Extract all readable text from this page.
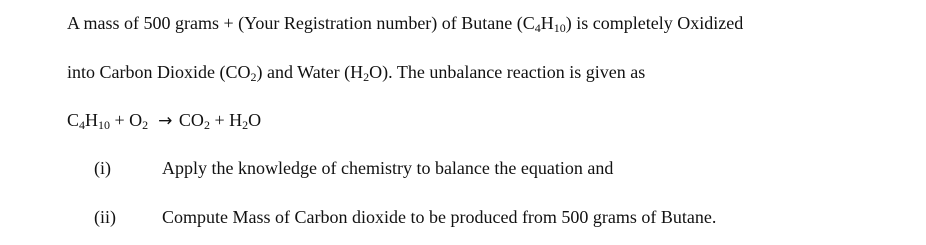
A mass of 500 grams + (Your Registration number) of Butane $(C_4H_{10})$ is completely Oxidized
into Carbon Dioxide $(CO_2)$ and Water $(H_2O)$. The unbalance reaction is given as
$C_4H_{10} + O_2 \to CO_2 + H_2O$
(i)	Apply the knowledge of chemistry to balance the equation and
(ii)	Compute Mass of Carbon dioxide to be produced from 500 grams of Butane.
